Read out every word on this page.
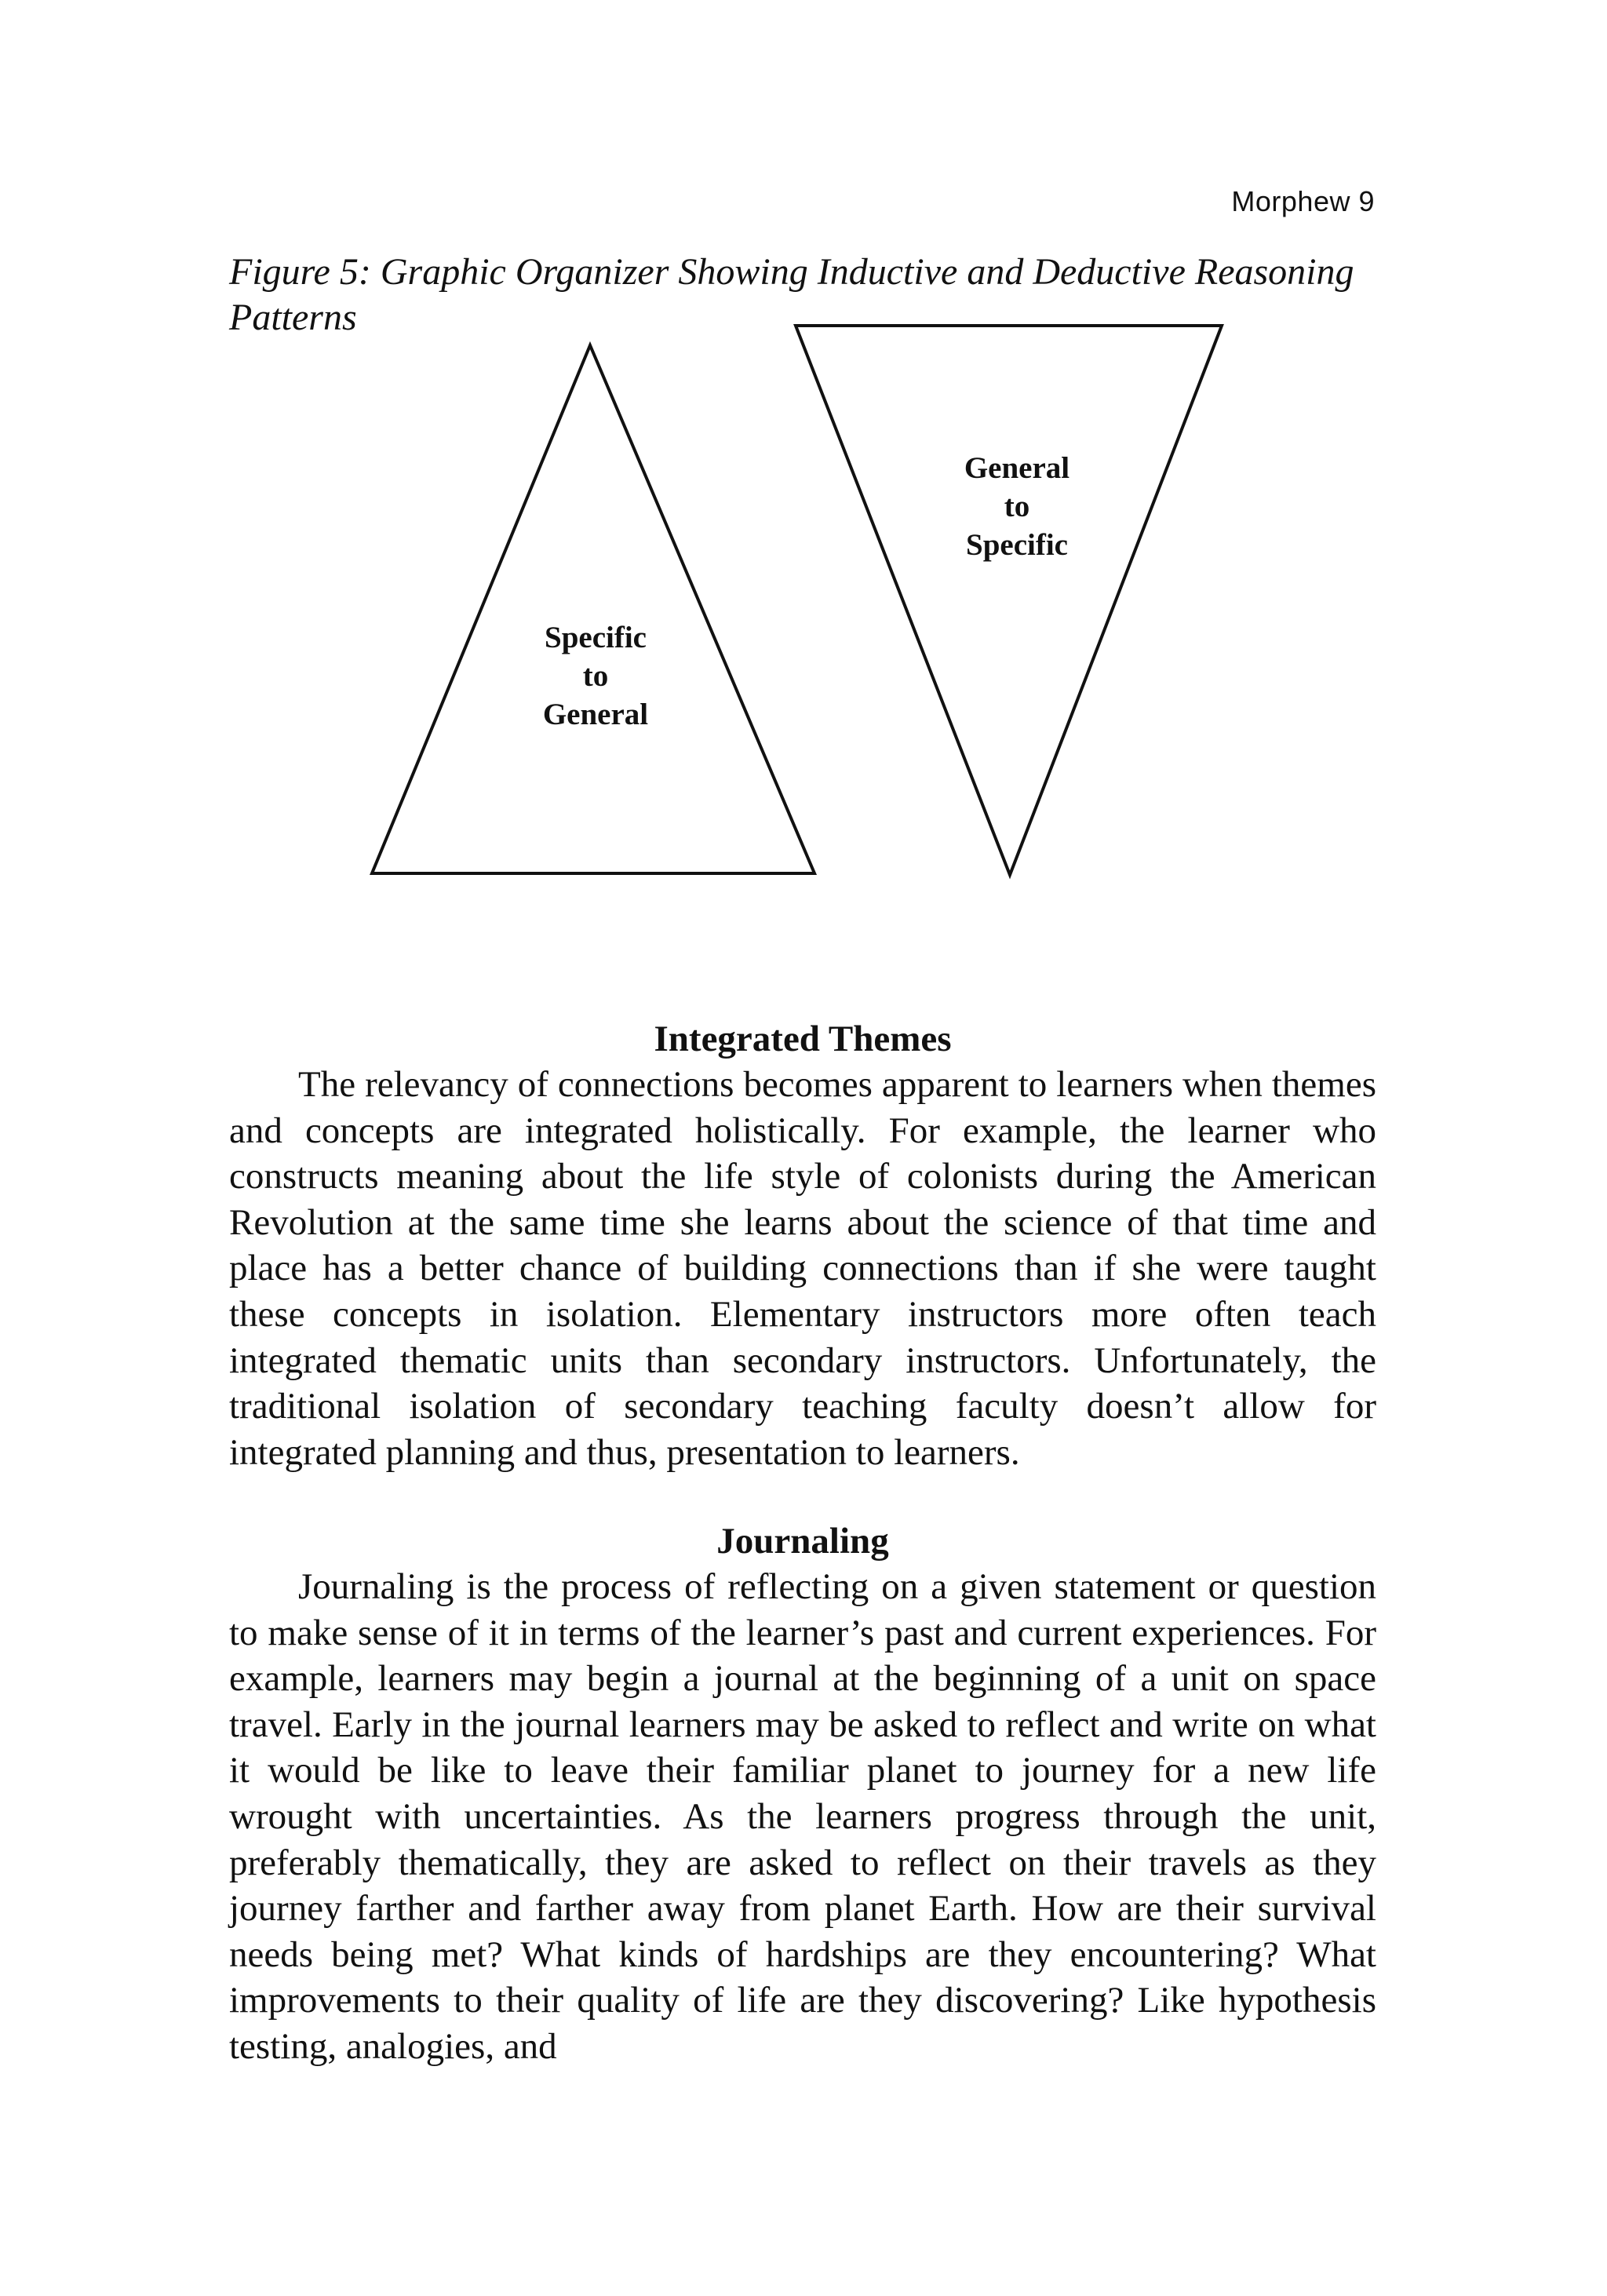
Morphew 9
Figure 5: Graphic Organizer Showing Inductive and Deductive Reasoning Patterns
Specific
to
General
General
to
Specific
Integrated Themes

The relevancy of connections becomes apparent to learners when themes and concepts are integrated holistically. For example, the learner who constructs meaning about the life style of colonists during the American Revolution at the same time she learns about the science of that time and place has a better chance of building connections than if she were taught these concepts in isolation. Elementary instructors more often teach integrated thematic units than secondary instructors. Unfortunately, the traditional isolation of secondary teaching faculty doesn’t allow for integrated planning and thus, presentation to learners.

Journaling

Journaling is the process of reflecting on a given statement or question to make sense of it in terms of the learner’s past and current experiences. For example, learners may begin a journal at the beginning of a unit on space travel. Early in the journal learners may be asked to reflect and write on what it would be like to leave their familiar planet to journey for a new life wrought with uncertainties. As the learners progress through the unit, preferably thematically, they are asked to reflect on their travels as they journey farther and farther away from planet Earth. How are their survival needs being met? What kinds of hardships are they encountering? What improvements to their quality of life are they discovering? Like hypothesis testing, analogies, and
